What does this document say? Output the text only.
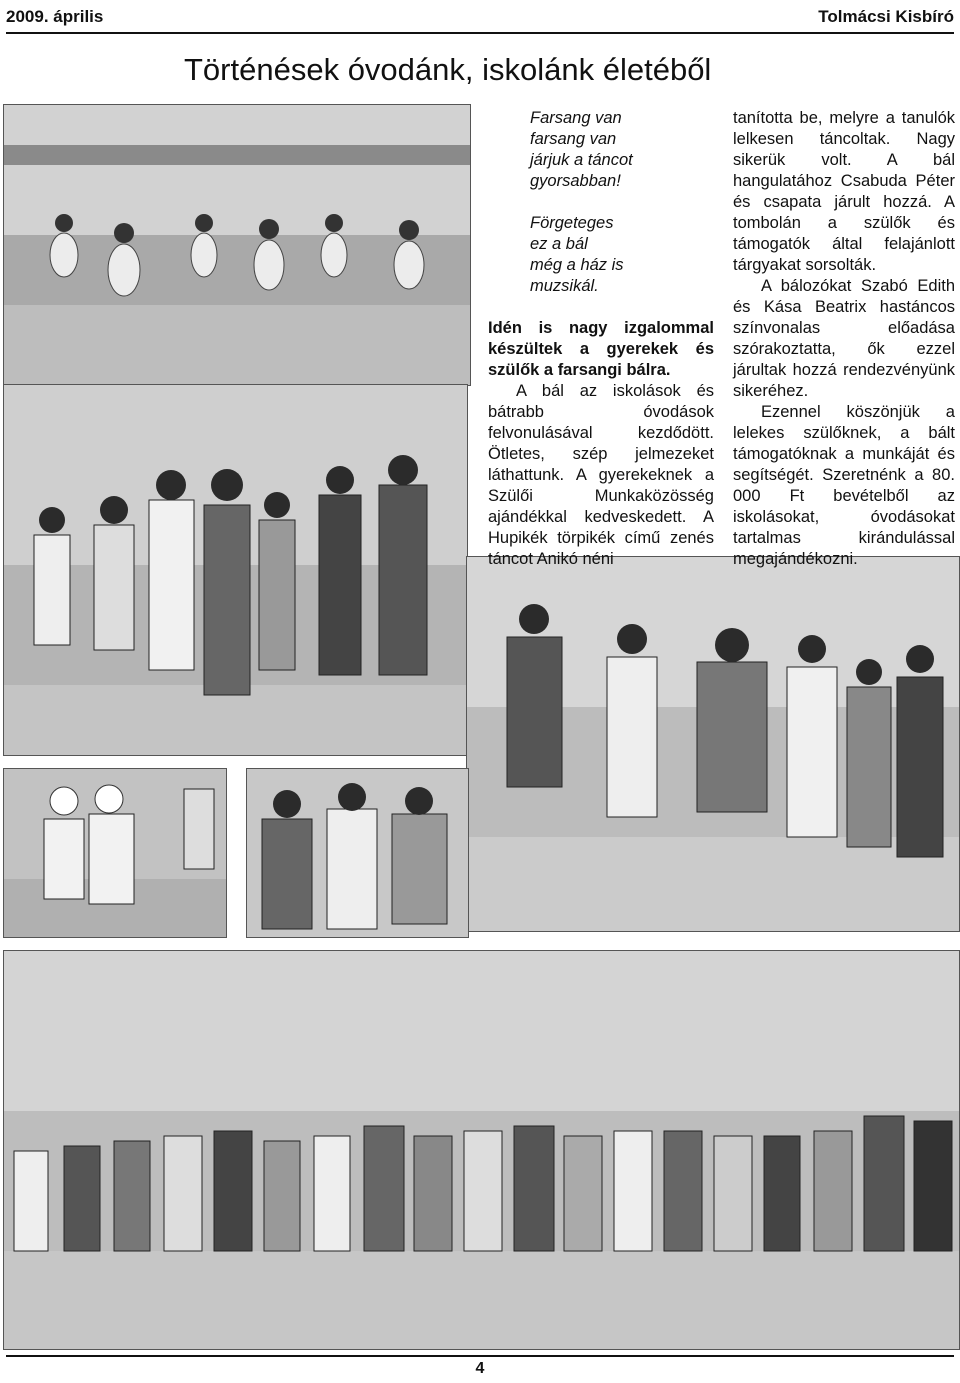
2009. április	Tolmácsi Kisbíró
Történések óvodánk, iskolánk életéből

Farsang van

farsang van

járjuk a táncot

gyorsabban!

Förgeteges

ez a bál

még a ház is

muzsikál.

Idén is nagy izgalommal készültek a gyerekek és szülők a farsangi bálra.

A bál az iskolások és bátrabb óvodások felvonulásával kezdődött. Ötletes, szép jelmezeket láthattunk. A gyerekeknek a Szülői Munkaközösség ajándékkal kedveskedett. A Hupikék törpikék című zenés táncot Anikó néni

tanította be, melyre a tanulók lelkesen táncoltak. Nagy sikerük volt. A bál hangulatához Csabuda Péter és csapata járult hozzá. A tombolán a szülők és támogatók által felajánlott tárgyakat sorsolták.

A bálozókat Szabó Edith és Kása Beatrix hastáncos színvonalas előadása szórakoztatta, ők ezzel járultak hozzá rendezvényünk sikeréhez.

Ezennel köszönjük a lelekes szülőknek, a bált támogatóknak a munkáját és segítségét. Szeretnénk a 80. 000 Ft bevételből az iskolásokat, óvodásokat tartalmas kirándulással megajándékozni.

4
